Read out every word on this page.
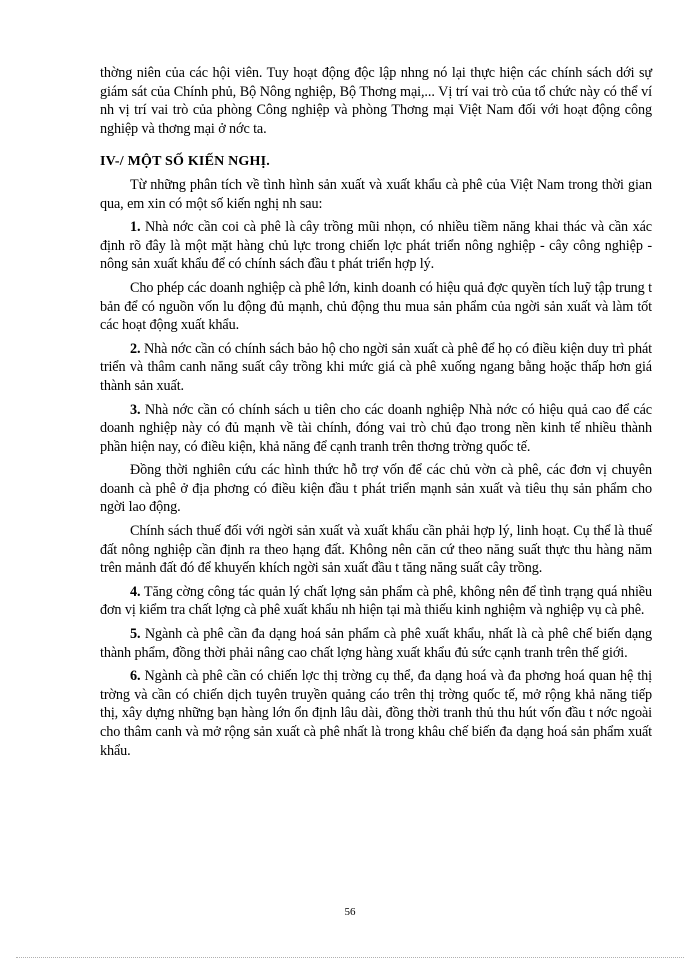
thờng niên của các hội viên. Tuy hoạt động độc lập nhng nó lại thực hiện các chính sách dới sự giám sát của Chính phủ, Bộ Nông nghiệp, Bộ Thơng mại,... Vị trí vai trò của tổ chức này có thể ví nh vị trí vai trò của phòng Công nghiệp và phòng Thơng mại Việt Nam đối với hoạt động công nghiệp và thơng mại ở nớc ta.

IV-/ MỘT SỐ KIẾN NGHỊ.

Từ những phân tích về tình hình sản xuất và xuất khẩu cà phê của Việt Nam trong thời gian qua, em xin có một số kiến nghị nh sau:

1. Nhà nớc cần coi cà phê là cây trồng mũi nhọn, có nhiều tiềm năng khai thác và cần xác định rõ đây là một mặt hàng chủ lực trong chiến lợc phát triển nông nghiệp - cây công nghiệp - nông sản xuất khẩu để có chính sách đầu t phát triển hợp lý.

Cho phép các doanh nghiệp cà phê lớn, kinh doanh có hiệu quả đợc quyền tích luỹ tập trung t bản để có nguồn vốn lu động đủ mạnh, chủ động thu mua sản phẩm của ngời sản xuất và làm tốt các hoạt động xuất khẩu.

2. Nhà nớc cần có chính sách bảo hộ cho ngời sản xuất cà phê để họ có điều kiện duy trì phát triển và thâm canh năng suất cây trồng khi mức giá cà phê xuống ngang bằng hoặc thấp hơn giá thành sản xuất.

3. Nhà nớc cần có chính sách u tiên cho các doanh nghiệp Nhà nớc có hiệu quả cao để các doanh nghiệp này có đủ mạnh về tài chính, đóng vai trò chủ đạo trong nền kinh tế nhiều thành phần hiện nay, có điều kiện, khả năng để cạnh tranh trên thơng trờng quốc tế.

Đồng thời nghiên cứu các hình thức hỗ trợ vốn để các chủ vờn cà phê, các đơn vị chuyên doanh cà phê ở địa phơng có điều kiện đầu t phát triển mạnh sản xuất và tiêu thụ sản phẩm cho ngời lao động.

Chính sách thuế đối với ngời sản xuất và xuất khẩu cần phải hợp lý, linh hoạt. Cụ thể là thuế đất nông nghiệp cần định ra theo hạng đất. Không nên căn cứ theo năng suất thực thu hàng năm trên mảnh đất đó để khuyến khích ngời sản xuất đầu t tăng năng suất cây trồng.

4. Tăng cờng công tác quản lý chất lợng sản phẩm cà phê, không nên để tình trạng quá nhiều đơn vị kiểm tra chất lợng cà phê xuất khẩu nh hiện tại mà thiếu kinh nghiệm và nghiệp vụ cà phê.

5. Ngành cà phê cần đa dạng hoá sản phẩm cà phê xuất khẩu, nhất là cà phê chế biến dạng thành phẩm, đồng thời phải nâng cao chất lợng hàng xuất khẩu đủ sức cạnh tranh trên thế giới.

6. Ngành cà phê cần có chiến lợc thị trờng cụ thể, đa dạng hoá và đa phơng hoá quan hệ thị trờng và cần có chiến dịch tuyên truyền quảng cáo trên thị trờng quốc tế, mở rộng khả năng tiếp thị, xây dựng những bạn hàng lớn ổn định lâu dài, đồng thời tranh thủ thu hút vốn đầu t nớc ngoài cho thâm canh và mở rộng sản xuất cà phê nhất là trong khâu chế biến đa dạng hoá sản phẩm xuất khẩu.

56
